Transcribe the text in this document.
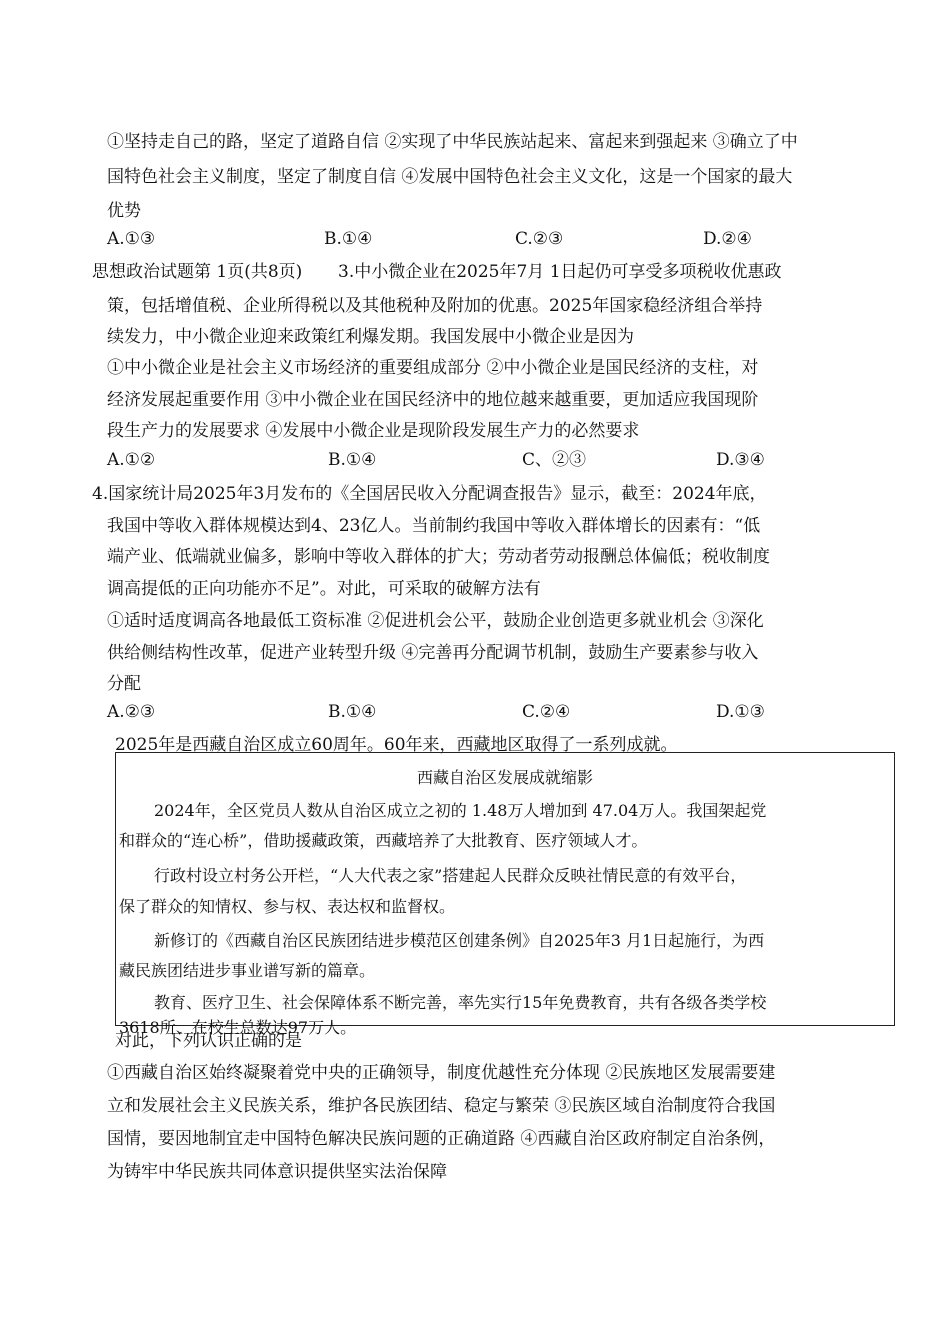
①坚持走自己的路，坚定了道路自信 ②实现了中华民族站起来、富起来到强起来 ③确立了中
国特色社会主义制度，坚定了制度自信 ④发展中国特色社会主义文化，这是一个国家的最大
优势
A.①③	B.①④	C.②③	D.②④
思想政治试题第 1页(共8页) 3.中小微企业在2025年7月 1日起仍可享受多项税收优惠政
策，包括增值税、企业所得税以及其他税种及附加的优惠。2025年国家稳经济组合举持
续发力，中小微企业迎来政策红利爆发期。我国发展中小微企业是因为
①中小微企业是社会主义市场经济的重要组成部分 ②中小微企业是国民经济的支柱，对
经济发展起重要作用 ③中小微企业在国民经济中的地位越来越重要，更加适应我国现阶
段生产力的发展要求 ④发展中小微企业是现阶段发展生产力的必然要求
A.①②	B.①④	C、②③	D.③④
4.国家统计局2025年3月发布的《全国居民收入分配调查报告》显示，截至：2024年底，
我国中等收入群体规模达到4、23亿人。当前制约我国中等收入群体增长的因素有：“低
端产业、低端就业偏多，影响中等收入群体的扩大；劳动者劳动报酬总体偏低；税收制度
调高提低的正向功能亦不足”。对此，可采取的破解方法有
①适时适度调高各地最低工资标准 ②促进机会公平，鼓励企业创造更多就业机会 ③深化
供给侧结构性改革，促进产业转型升级 ④完善再分配调节机制，鼓励生产要素参与收入
分配
A.②③	B.①④	C.②④	D.①③
2025年是西藏自治区成立60周年。60年来，西藏地区取得了一系列成就。
西藏自治区发展成就缩影
2024年，全区党员人数从自治区成立之初的 1.48万人增加到 47.04万人。我国架起党
和群众的“连心桥”，借助援藏政策，西藏培养了大批教育、医疗领域人才。
行政村设立村务公开栏，“人大代表之家”搭建起人民群众反映社情民意的有效平台，
保了群众的知情权、参与权、表达权和监督权。
新修订的《西藏自治区民族团结进步模范区创建条例》自2025年3 月1日起施行，为西
藏民族团结进步事业谱写新的篇章。
教育、医疗卫生、社会保障体系不断完善，率先实行15年免费教育，共有各级各类学校
3618所、在校生总数达97万人。
对此，下列认识正确的是
①西藏自治区始终凝聚着党中央的正确领导，制度优越性充分体现 ②民族地区发展需要建
立和发展社会主义民族关系，维护各民族团结、稳定与繁荣 ③民族区域自治制度符合我国
国情，要因地制宜走中国特色解决民族问题的正确道路 ④西藏自治区政府制定自治条例，
为铸牢中华民族共同体意识提供坚实法治保障
